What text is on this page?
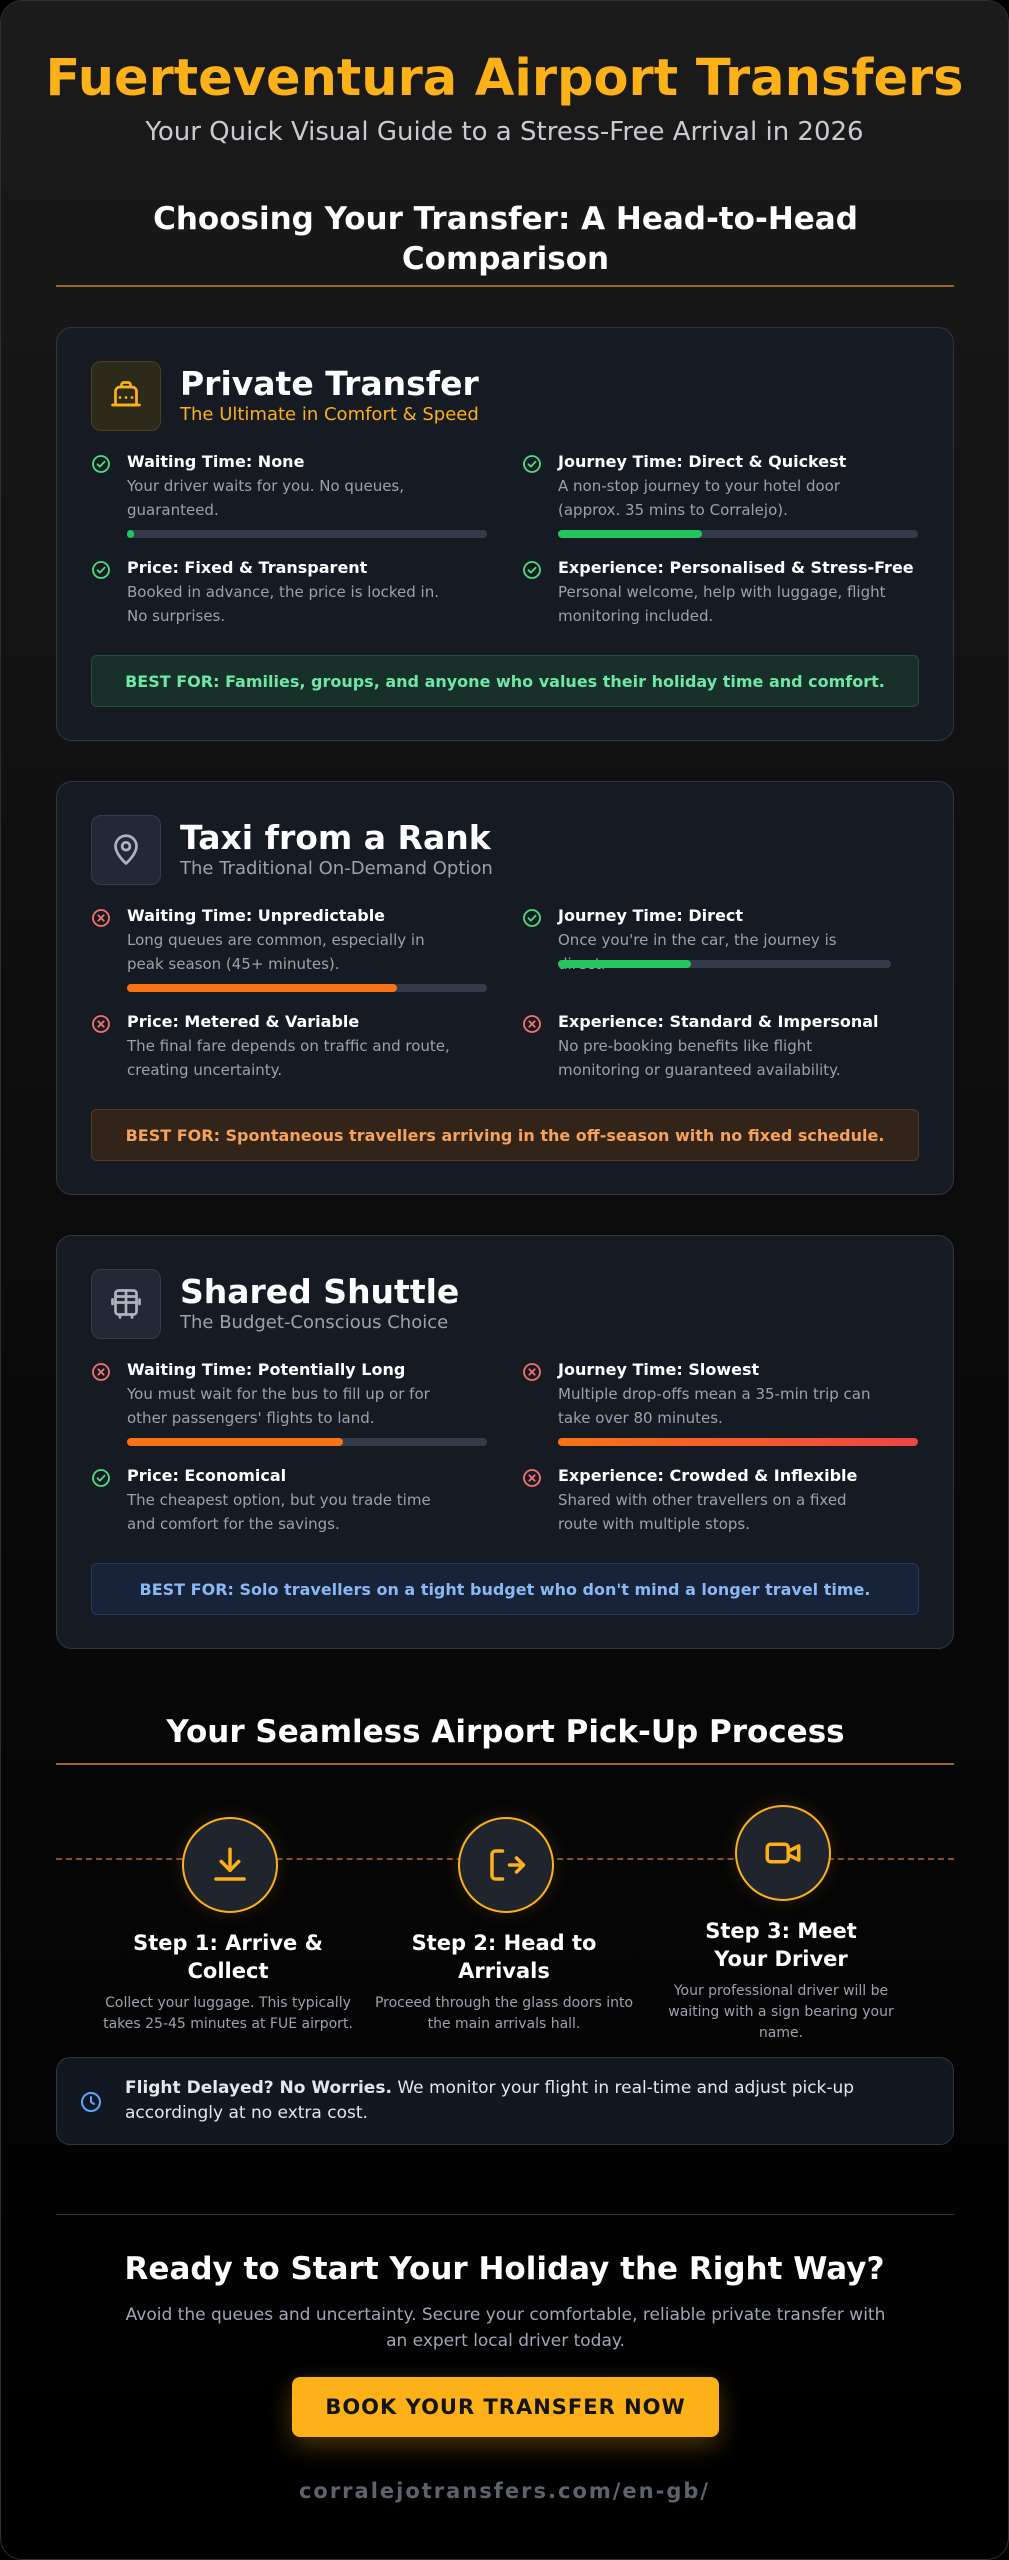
Fuerteventura Airport Transfers
Your Quick Visual Guide to a Stress-Free Arrival in 2026
Choosing Your Transfer: A Head-to-Head Comparison
Private Transfer
The Ultimate in Comfort & Speed
Waiting Time: None
Your driver waits for you. No queues, guaranteed.
Journey Time: Direct & Quickest
A non-stop journey to your hotel door (approx. 35 mins to Corralejo).
Price: Fixed & Transparent
Booked in advance, the price is locked in. No surprises.
Experience: Personalised & Stress-Free
Personal welcome, help with luggage, flight monitoring included.
BEST FOR: Families, groups, and anyone who values their holiday time and comfort.
Taxi from a Rank
The Traditional On-Demand Option
Waiting Time: Unpredictable
Long queues are common, especially in peak season (45+ minutes).
Journey Time: Direct
Once you're in the car, the journey is
Price: Metered & Variable
The final fare depends on traffic and route, creating uncertainty.
Experience: Standard & Impersonal
No pre-booking benefits like flight monitoring or guaranteed availability.
BEST FOR: Spontaneous travellers arriving in the off-season with no fixed schedule.
Shared Shuttle
The Budget-Conscious Choice
Waiting Time: Potentially Long
You must wait for the bus to fill up or for other passengers' flights to land.
Journey Time: Slowest
Multiple drop-offs mean a 35-min trip can take over 80 minutes.
Price: Economical
The cheapest option, but you trade time and comfort for the savings.
Experience: Crowded & Inflexible
Shared with other travellers on a fixed route with multiple stops.
BEST FOR: Solo travellers on a tight budget who don't mind a longer travel time.
Your Seamless Airport Pick-Up Process
Step 1: Arrive & Collect
Collect your luggage. This typically takes 25-45 minutes at FUE airport.
Step 2: Head to Arrivals
Proceed through the glass doors into the main arrivals hall.
Step 3: Meet Your Driver
Your professional driver will be waiting with a sign bearing your name.
Flight Delayed? No Worries. We monitor your flight in real-time and adjust pick-up accordingly at no extra cost.
Ready to Start Your Holiday the Right Way?
Avoid the queues and uncertainty. Secure your comfortable, reliable private transfer with an expert local driver today.
BOOK YOUR TRANSFER NOW
corralejotransfers.com/en-gb/
